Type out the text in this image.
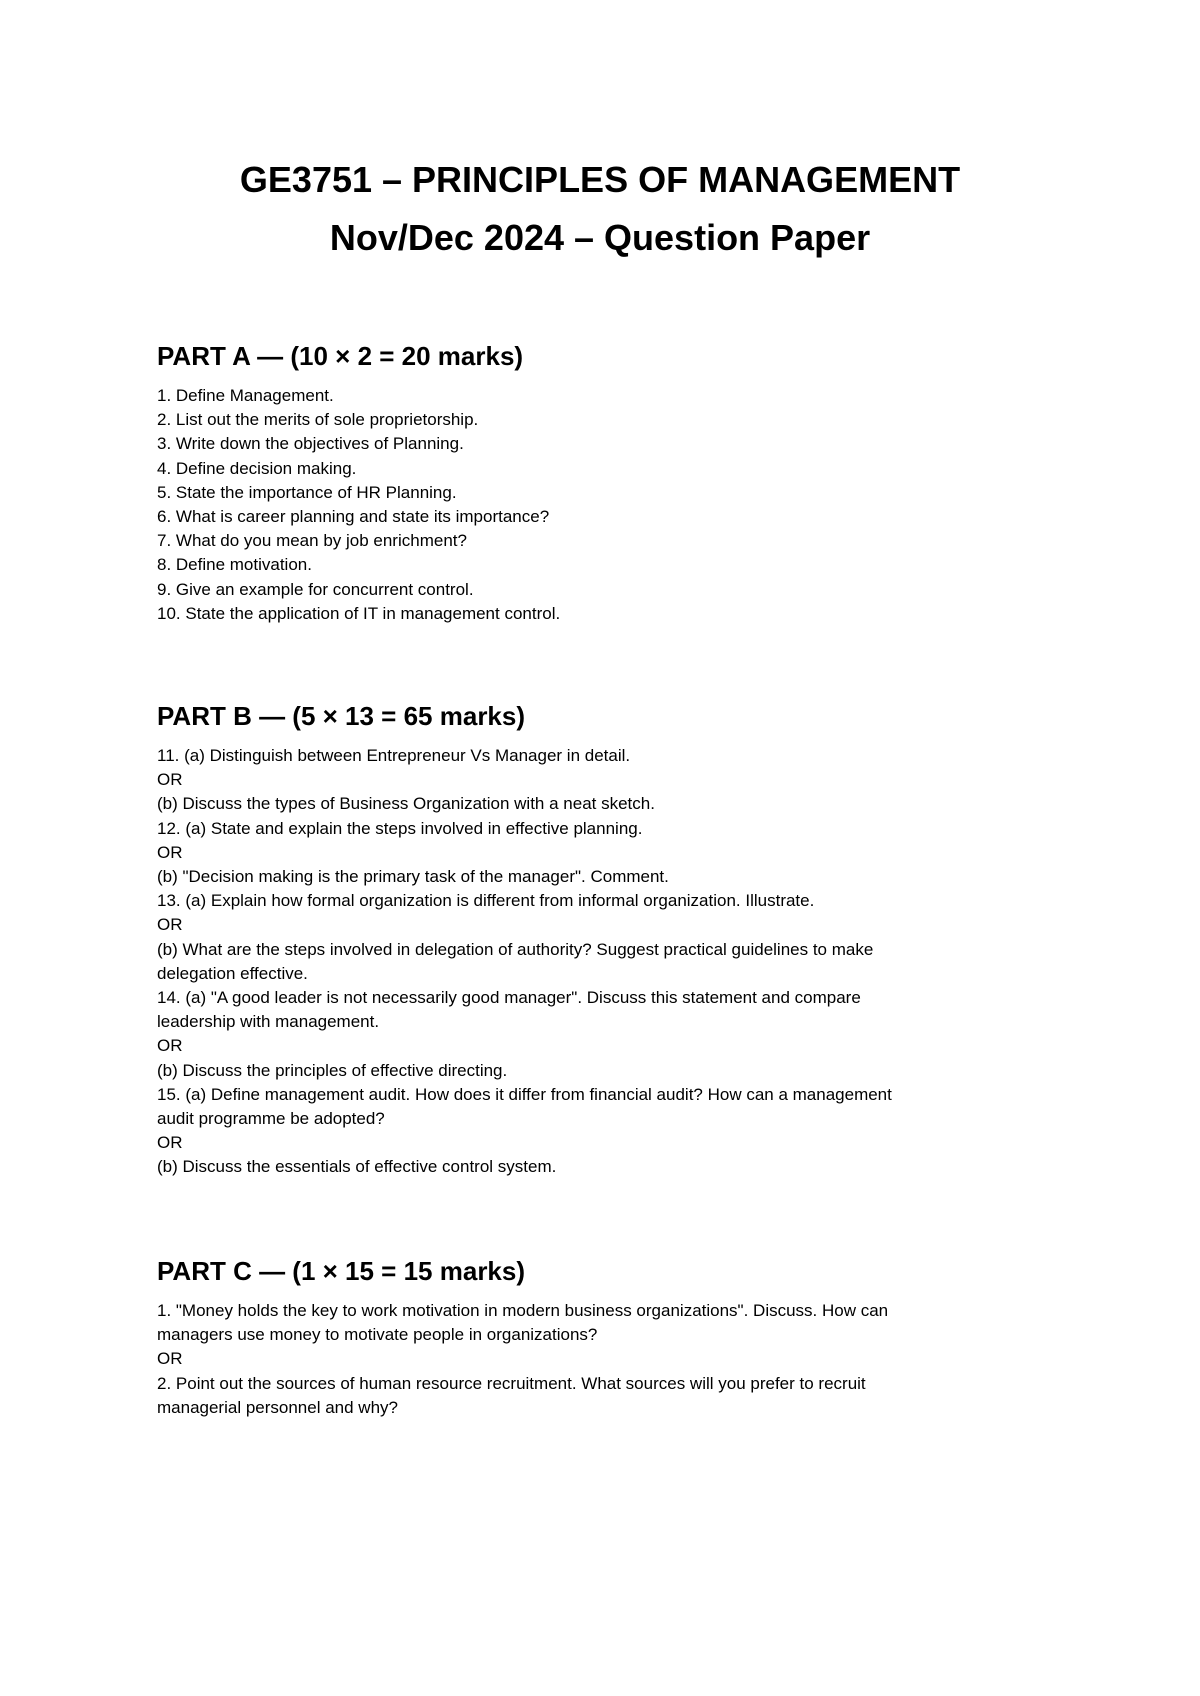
GE3751 – PRINCIPLES OF MANAGEMENT
Nov/Dec 2024 – Question Paper
PART A — (10 × 2 = 20 marks)
1. Define Management.
2. List out the merits of sole proprietorship.
3. Write down the objectives of Planning.
4. Define decision making.
5. State the importance of HR Planning.
6. What is career planning and state its importance?
7. What do you mean by job enrichment?
8. Define motivation.
9. Give an example for concurrent control.
10. State the application of IT in management control.
PART B — (5 × 13 = 65 marks)
11. (a) Distinguish between Entrepreneur Vs Manager in detail.
OR
(b) Discuss the types of Business Organization with a neat sketch.
12. (a) State and explain the steps involved in effective planning.
OR
(b) "Decision making is the primary task of the manager". Comment.
13. (a) Explain how formal organization is different from informal organization. Illustrate.
OR
(b) What are the steps involved in delegation of authority? Suggest practical guidelines to make
delegation effective.
14. (a) "A good leader is not necessarily good manager". Discuss this statement and compare
leadership with management.
OR
(b) Discuss the principles of effective directing.
15. (a) Define management audit. How does it differ from financial audit? How can a management
audit programme be adopted?
OR
(b) Discuss the essentials of effective control system.
PART C — (1 × 15 = 15 marks)
1. "Money holds the key to work motivation in modern business organizations". Discuss. How can
managers use money to motivate people in organizations?
OR
2. Point out the sources of human resource recruitment. What sources will you prefer to recruit
managerial personnel and why?
